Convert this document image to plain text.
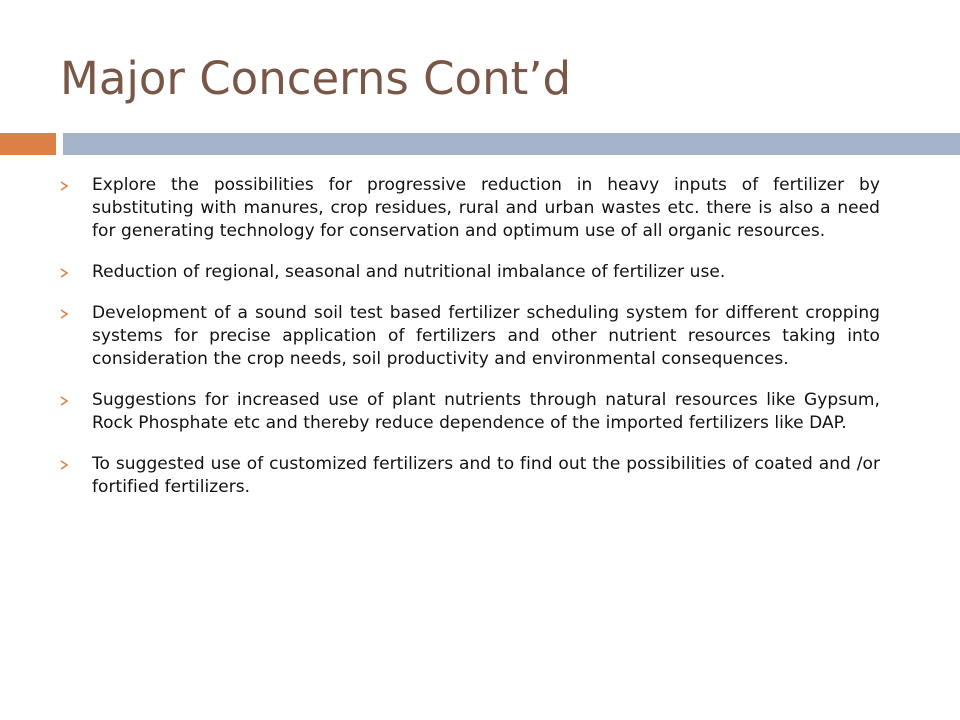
Major Concerns Cont’d
Explore the possibilities for progressive reduction in heavy inputs of fertilizer by substituting with manures, crop residues, rural and urban wastes etc. there is also a need for generating technology for conservation and optimum use of all organic resources.
Reduction of regional, seasonal and nutritional imbalance of fertilizer use.
Development of a sound soil test based fertilizer scheduling system for different cropping systems for precise application of fertilizers and other nutrient resources taking into consideration the crop needs, soil productivity and environmental consequences.
Suggestions for increased use of plant nutrients through natural resources like Gypsum, Rock Phosphate etc and thereby reduce dependence of the imported fertilizers like DAP.
To suggested use of customized fertilizers and to find out the possibilities of coated and /or fortified fertilizers.
